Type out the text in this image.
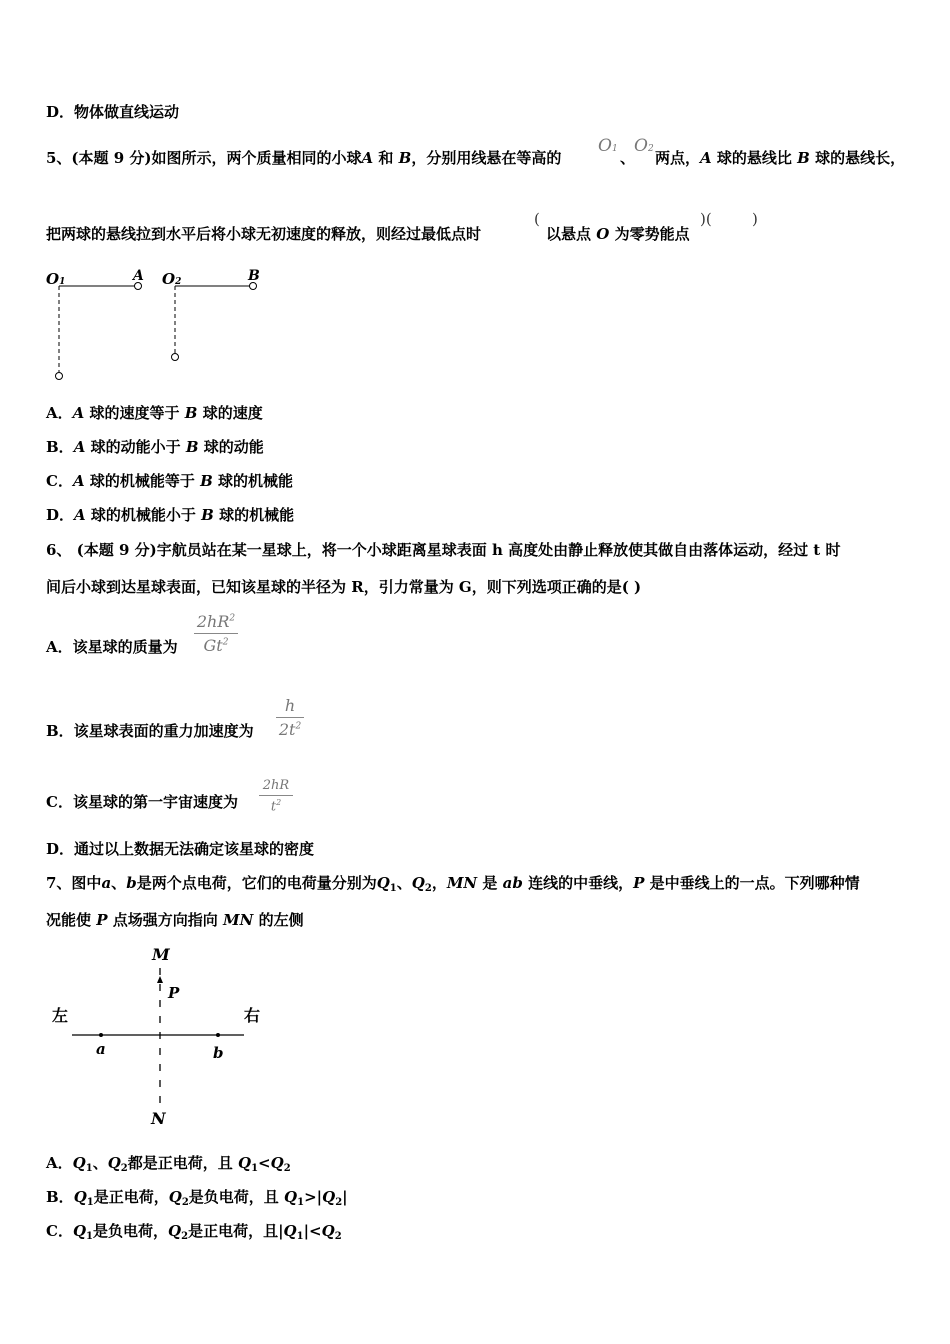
D．物体做直线运动
5、(本题 9 分)如图所示，两个质量相同的小球A 和 B，分别用线悬在等高的
O1 、
O2 两点，A 球的悬线比 B 球的悬线长，
把两球的悬线拉到水平后将小球无初速度的释放，则经过最低点时
(
以悬点 O 为零势能点
)(	)
O1	A O2	B
A．A 球的速度等于 B 球的速度
B．A 球的动能小于 B 球的动能
C．A 球的机械能等于 B 球的机械能
D．A 球的机械能小于 B 球的机械能
6、 (本题 9 分)宇航员站在某一星球上，将一个小球距离星球表面 h 高度处由静止释放使其做自由落体运动，经过 t 时
间后小球到达星球表面，已知该星球的半径为 R，引力常量为 G，则下列选项正确的是( )
A．该星球的质量为
$2hR^2$
Gt$^2$
B．该星球表面的重力加速度为
h
$2t^2$
C．该星球的第一宇宙速度为
2hR
$t^2$
D．通过以上数据无法确定该星球的密度
7、图中a、b是两个点电荷，它们的电荷量分别为$Q_1$、$Q_2$，MN 是 ab 连线的中垂线，P 是中垂线上的一点。下列哪种情
况能使 P 点场强方向指向 MN 的左侧
M
P
左	右
a	b
N
A．$Q_1$、$Q_2$都是正电荷，且 $Q_1<Q_2$
B．$Q_1$是正电荷，$Q_2$是负电荷，且 $Q_1>|Q_2|$
C．$Q_1$是负电荷，$Q_2$是正电荷，且$|Q_1|<Q_2$
